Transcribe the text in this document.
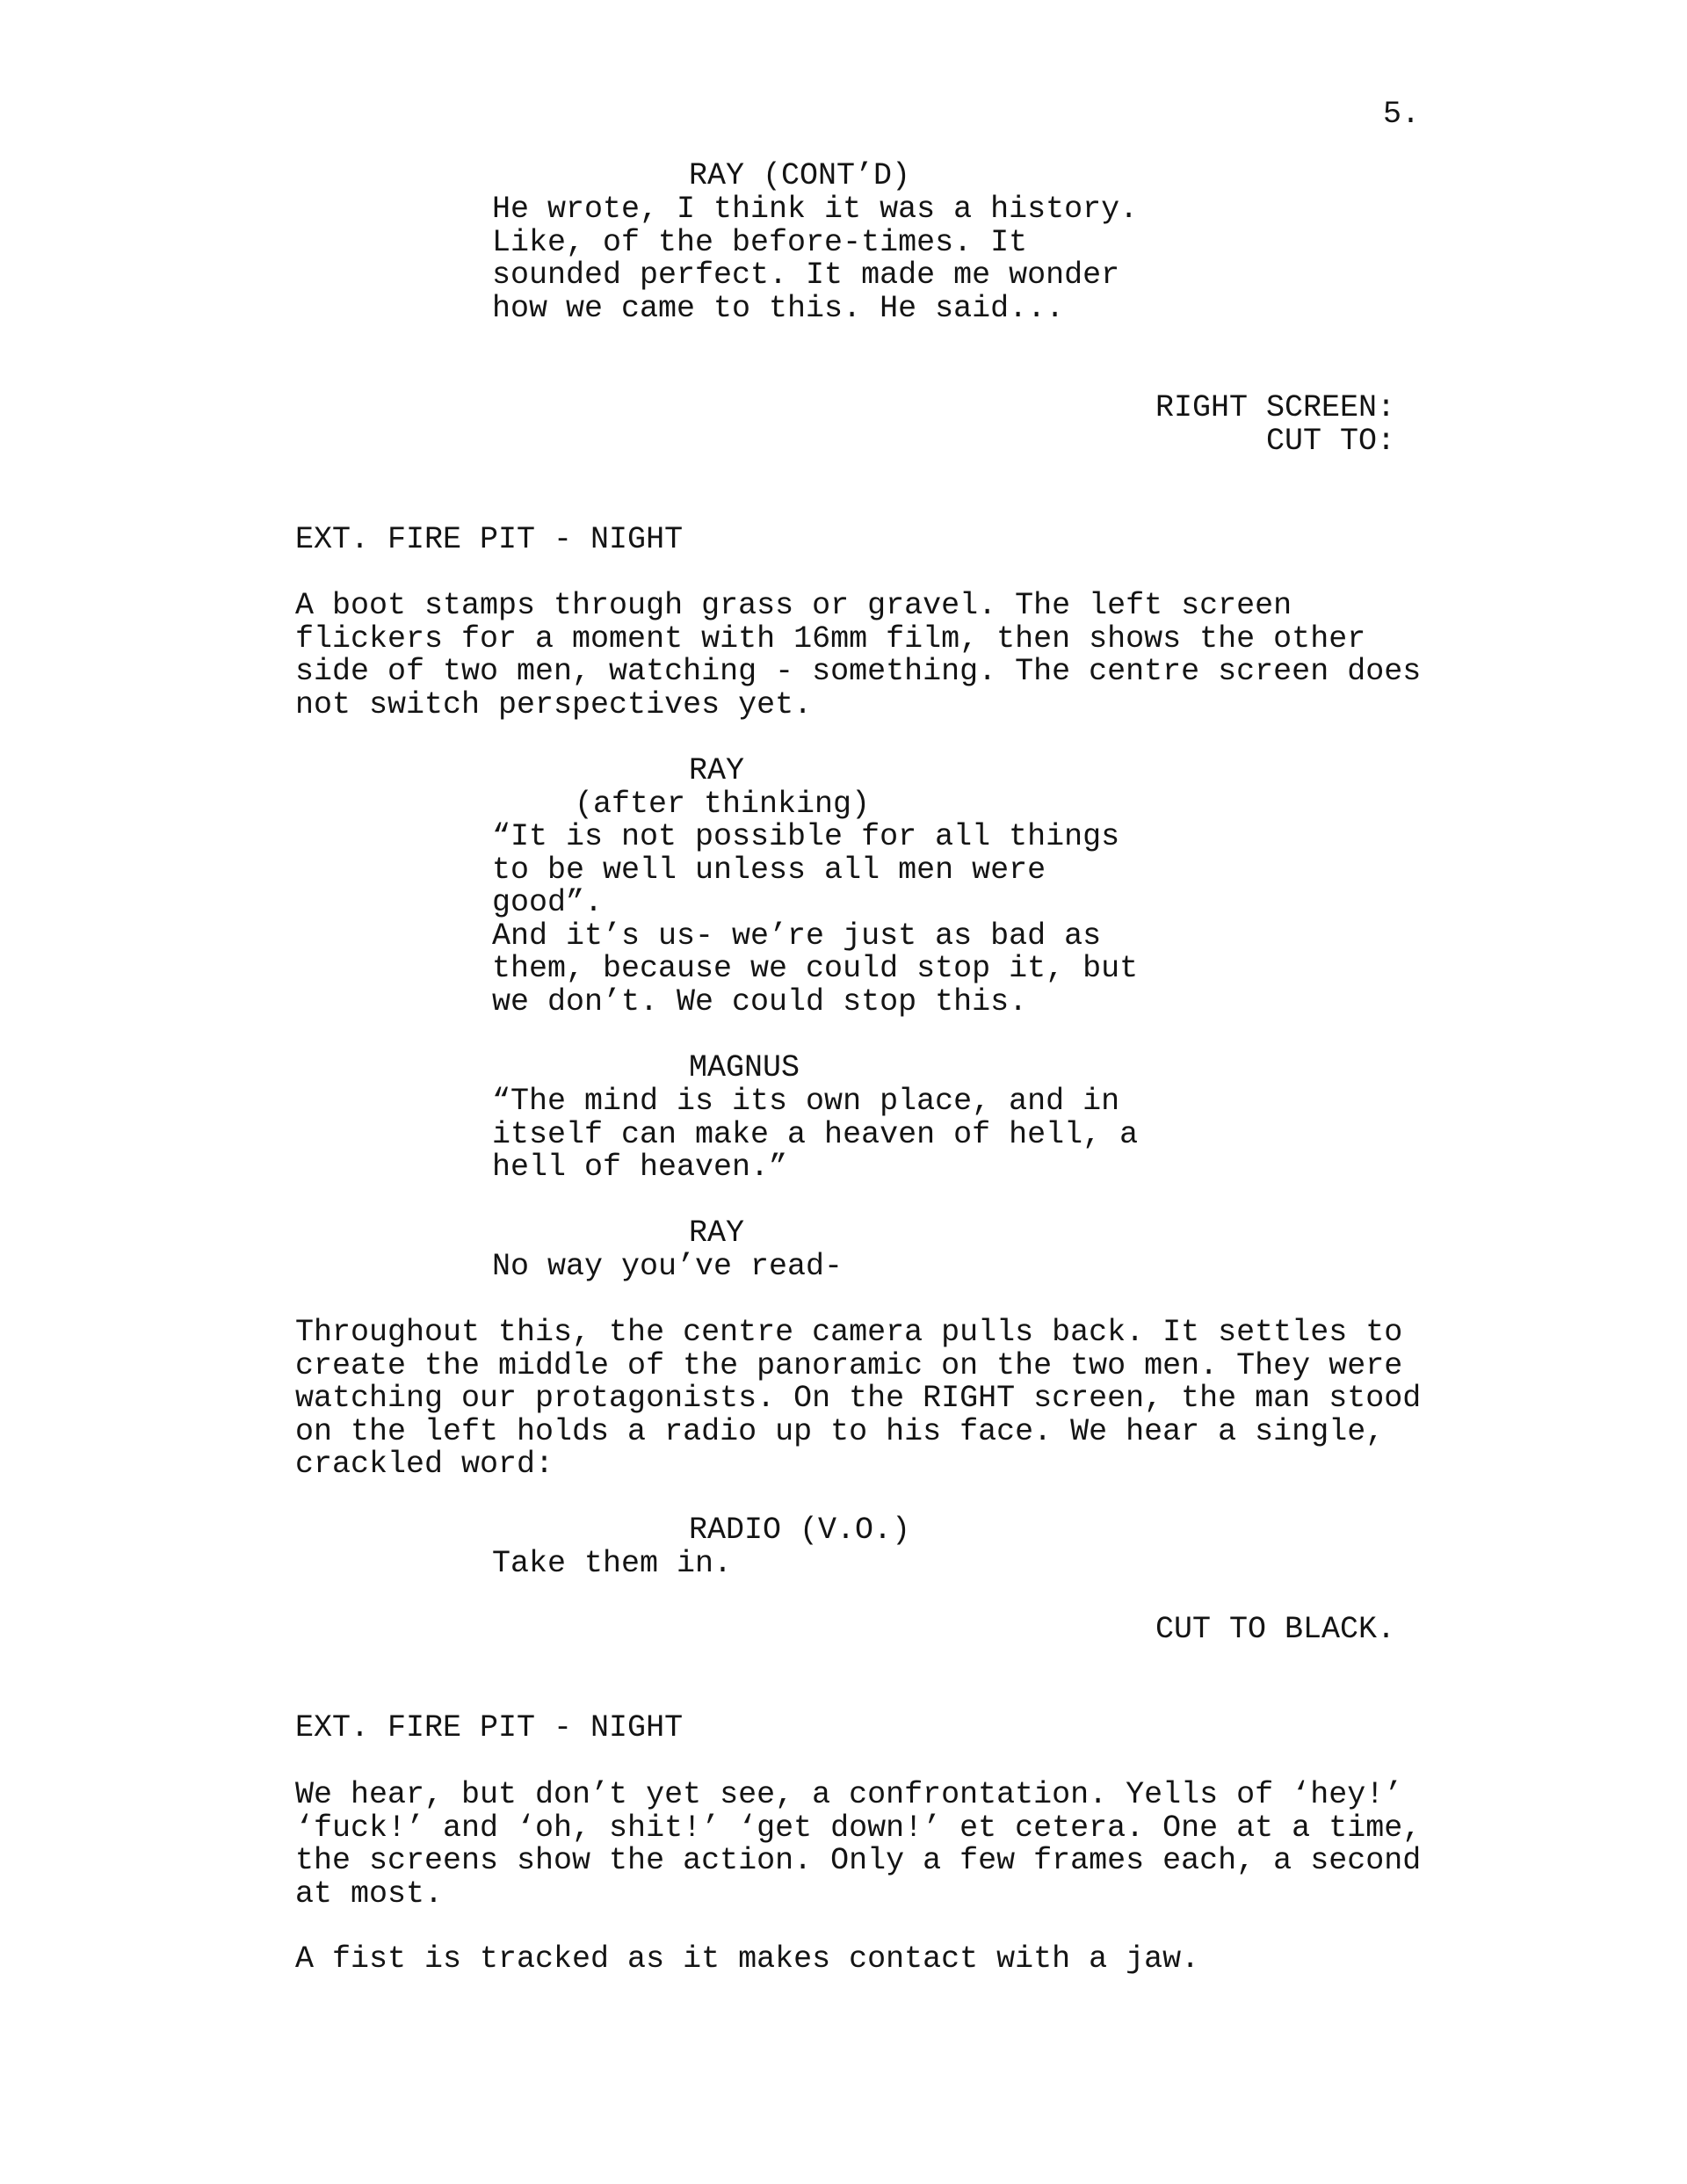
5.
RAY (CONT’D)
He wrote, I think it was a history.
Like, of the before-times. It
sounded perfect. It made me wonder
how we came to this. He said...
RIGHT SCREEN:
CUT TO:
EXT. FIRE PIT - NIGHT
A boot stamps through grass or gravel. The left screen
flickers for a moment with 16mm film, then shows the other
side of two men, watching - something. The centre screen does
not switch perspectives yet.
RAY
(after thinking)
“It is not possible for all things
to be well unless all men were
good”.
And it’s us- we’re just as bad as
them, because we could stop it, but
we don’t. We could stop this.
MAGNUS
“The mind is its own place, and in
itself can make a heaven of hell, a
hell of heaven.”
RAY
No way you’ve read-
Throughout this, the centre camera pulls back. It settles to
create the middle of the panoramic on the two men. They were
watching our protagonists. On the RIGHT screen, the man stood
on the left holds a radio up to his face. We hear a single,
crackled word:
RADIO (V.O.)
Take them in.
CUT TO BLACK.
EXT. FIRE PIT - NIGHT
We hear, but don’t yet see, a confrontation. Yells of ‘hey!’
‘fuck!’ and ‘oh, shit!’ ‘get down!’ et cetera. One at a time,
the screens show the action. Only a few frames each, a second
at most.
A fist is tracked as it makes contact with a jaw.
